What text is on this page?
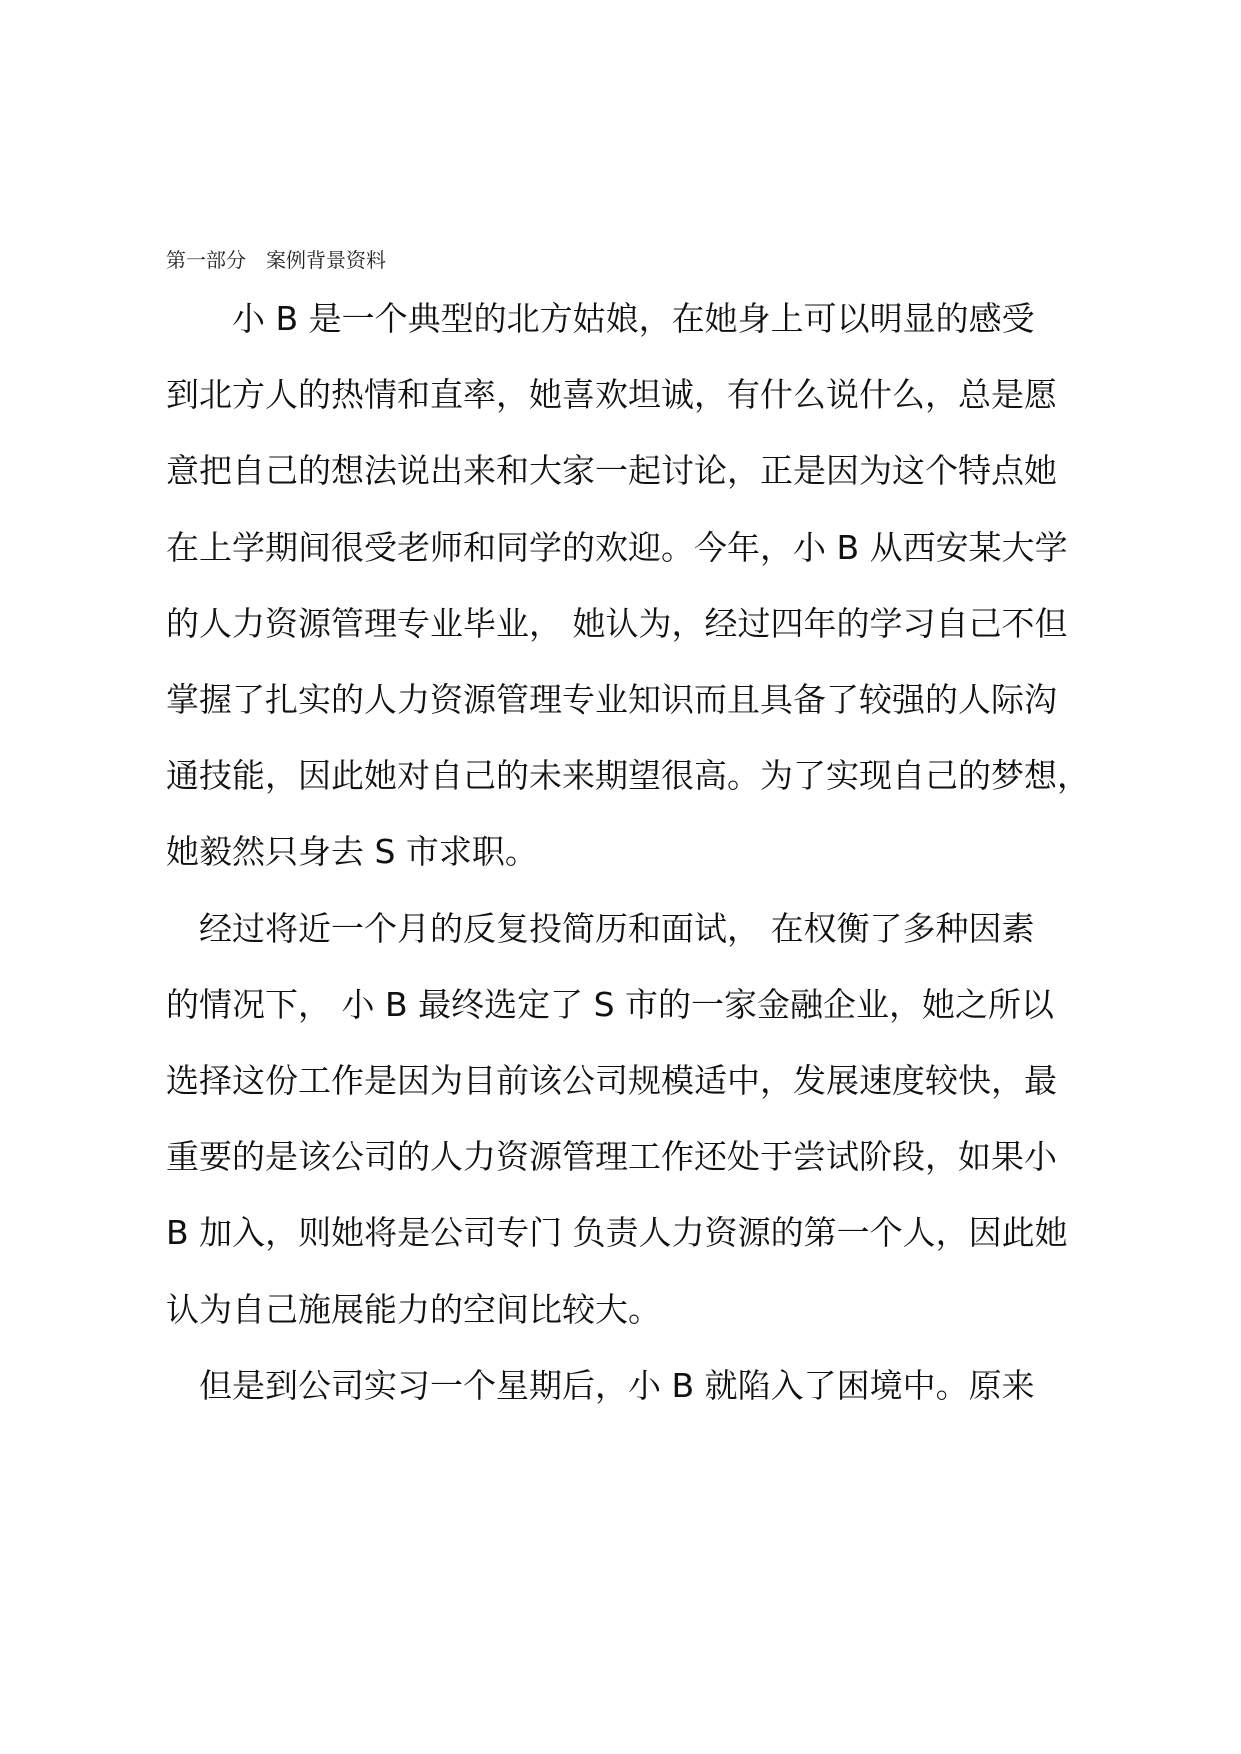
第一部分　案例背景资料
　　小 B 是一个典型的北方姑娘，在她身上可以明显的感受
到北方人的热情和直率，她喜欢坦诚，有什么说什么，总是愿
意把自己的想法说出来和大家一起讨论，正是因为这个特点她
在上学期间很受老师和同学的欢迎。今年，小 B 从西安某大学
的人力资源管理专业毕业， 她认为，经过四年的学习自己不但
掌握了扎实的人力资源管理专业知识而且具备了较强的人际沟
通技能，因此她对自己的未来期望很高。为了实现自己的梦想，
她毅然只身去 S 市求职。
　经过将近一个月的反复投简历和面试， 在权衡了多种因素
的情况下， 小 B 最终选定了 S 市的一家金融企业，她之所以
选择这份工作是因为目前该公司规模适中，发展速度较快，最
重要的是该公司的人力资源管理工作还处于尝试阶段，如果小
B 加入，则她将是公司专门 负责人力资源的第一个人，因此她
认为自己施展能力的空间比较大。
　但是到公司实习一个星期后，小 B 就陷入了困境中。原来
